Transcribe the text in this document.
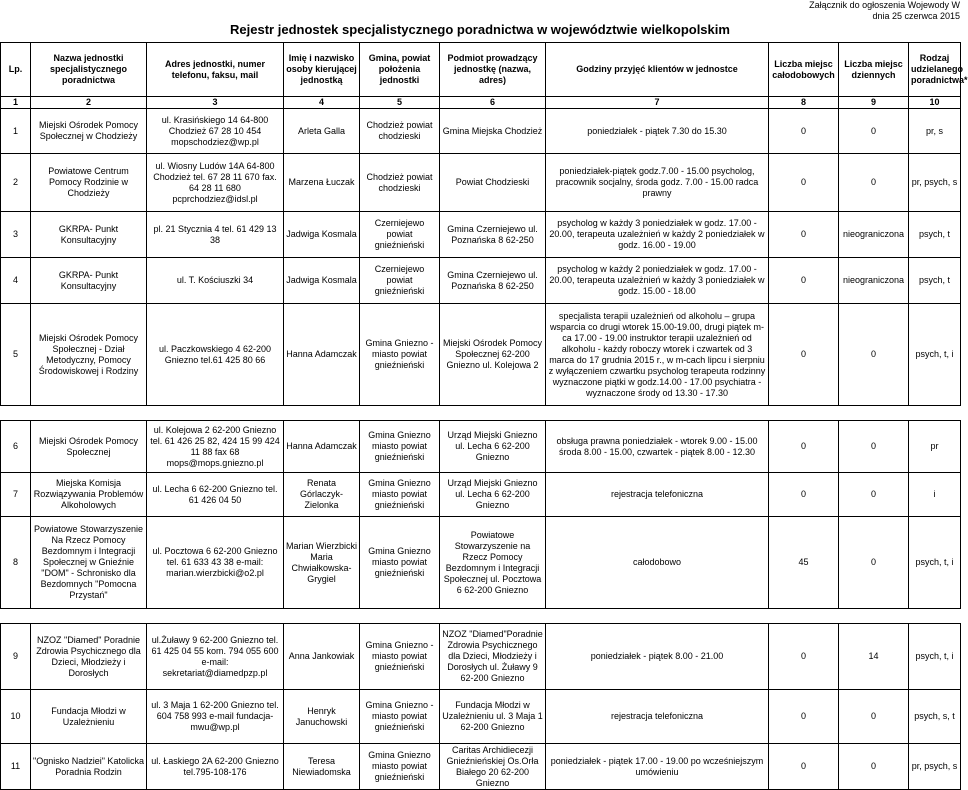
Załącznik do ogłoszenia Wojewody W
dnia 25 czerwca 2015
Rejestr jednostek specjalistycznego poradnictwa w województwie wielkopolskim
Lp.	Nazwa jednostki specjalistycznego poradnictwa	Adres jednostki, numer telefonu, faksu, mail	Imię i nazwisko osoby kierującej jednostką	Gmina, powiat położenia jednostki	Podmiot prowadzący jednostkę (nazwa, adres)	Godziny przyjęć klientów w jednostce	Liczba miejsc całodobowych	Liczba miejsc dziennych	Rodzaj udzielanego poradnictwa*
1	2	3	4	5	6	7	8	9	10
1	Miejski Ośrodek Pomocy Społecznej w Chodzieży	ul. Krasińskiego 14 64-800 Chodzież 67 28 10 454 mopschodziez@wp.pl	Arleta Galla	Chodzież powiat chodzieski	Gmina Miejska Chodzież	poniedziałek - piątek 7.30 do 15.30	0	0	pr, s
2	Powiatowe Centrum Pomocy Rodzinie w Chodzieży	ul. Wiosny Ludów 14A 64-800 Chodzież tel. 67 28 11 670 fax. 64 28 11 680 pcprchodziez@idsl.pl	Marzena Łuczak	Chodzież powiat chodzieski	Powiat Chodzieski	poniedziałek-piątek godz.7.00 - 15.00 psycholog, pracownik socjalny, środa godz. 7.00 - 15.00 radca prawny	0	0	pr, psych, s
3	GKRPA- Punkt Konsultacyjny	pl. 21 Stycznia 4 tel. 61 429 13 38	Jadwiga Kosmala	Czerniejewo powiat gnieźnieński	Gmina Czerniejewo ul. Poznańska 8 62-250	psycholog w każdy 3 poniedziałek w godz. 17.00 - 20.00, terapeuta uzależnień w każdy 2 poniedziałek w godz. 16.00 - 19.00	0	nieograniczona	psych, t
4	GKRPA- Punkt Konsultacyjny	ul. T. Kościuszki 34	Jadwiga Kosmala	Czerniejewo powiat gnieźnieński	Gmina Czerniejewo ul. Poznańska 8 62-250	psycholog w każdy 2 poniedziałek w godz. 17.00 - 20.00, terapeuta uzależnień w każdy 3 poniedziałek w godz. 15.00 - 18.00	0	nieograniczona	psych, t
5	Miejski Ośrodek Pomocy Społecznej - Dział Metodyczny, Pomocy Środowiskowej i Rodziny	ul. Paczkowskiego 4 62-200 Gniezno tel.61 425 80 66	Hanna Adamczak	Gmina Gniezno - miasto powiat gnieźnieński	Miejski Ośrodek Pomocy Społecznej 62-200 Gniezno ul. Kolejowa 2	specjalista terapii uzależnień od alkoholu – grupa wsparcia co drugi wtorek 15.00-19.00, drugi piątek m-ca 17.00 - 19.00 instruktor terapii uzależnień od alkoholu - każdy roboczy wtorek i czwartek od 3 marca do 17 grudnia 2015 r., w m-cach lipcu i sierpniu z wyłączeniem czwartku psycholog terapeuta rodzinny wyznaczone piątki w godz.14.00 - 17.00 psychiatra - wyznaczone środy od 13.30 - 17.30	0	0	psych, t, i

6	Miejski Ośrodek Pomocy Społecznej	ul. Kolejowa 2 62-200 Gniezno tel. 61 426 25 82, 424 15 99 424 11 88 fax 68 mops@mops.gniezno.pl	Hanna Adamczak	Gmina Gniezno miasto powiat gnieźnieński	Urząd Miejski Gniezno ul. Lecha 6 62-200 Gniezno	obsługa prawna poniedziałek - wtorek 9.00 - 15.00 środa 8.00 - 15.00, czwartek - piątek 8.00 - 12.30	0	0	pr
7	Miejska Komisja Rozwiązywania Problemów Alkoholowych	ul. Lecha 6 62-200 Gniezno tel. 61 426 04 50	Renata Górlaczyk-Zielonka	Gmina Gniezno miasto powiat gnieźnieński	Urząd Miejski Gniezno ul. Lecha 6 62-200 Gniezno	rejestracja telefoniczna	0	0	i
8	Powiatowe Stowarzyszenie Na Rzecz Pomocy Bezdomnym i Integracji Społecznej w Gnieźnie "DOM" - Schronisko dla Bezdomnych "Pomocna Przystań"	ul. Pocztowa 6 62-200 Gniezno tel. 61 633 43 38 e-mail: marian.wierzbicki@o2.pl	Marian Wierzbicki Maria Chwiałkowska-Grygiel	Gmina Gniezno miasto powiat gnieźnieński	Powiatowe Stowarzyszenie na Rzecz Pomocy Bezdomnym i Integracji Społecznej ul. Pocztowa 6 62-200 Gniezno	całodobowo	45	0	psych, t, i

9	NZOZ "Diamed" Poradnie Zdrowia Psychicznego dla Dzieci, Młodzieży i Dorosłych	ul.Żuławy 9 62-200 Gniezno tel. 61 425 04 55 kom. 794 055 600 e-mail: sekretariat@diamedpzp.pl	Anna Jankowiak	Gmina Gniezno - miasto powiat gnieźnieński	NZOZ "Diamed"Poradnie Zdrowia Psychicznego dla Dzieci, Młodzieży i Dorosłych ul. Żuławy 9 62-200 Gniezno	poniedziałek - piątek 8.00 - 21.00	0	14	psych, t, i
10	Fundacja Młodzi w Uzależnieniu	ul. 3 Maja 1 62-200 Gniezno tel. 604 758 993 e-mail fundacja-mwu@wp.pl	Henryk Januchowski	Gmina Gniezno - miasto powiat gnieźnieński	Fundacja Młodzi w Uzależnieniu ul. 3 Maja 1 62-200 Gniezno	rejestracja telefoniczna	0	0	psych, s, t
11	"Ognisko Nadziei" Katolicka Poradnia Rodzin	ul. Łaskiego 2A 62-200 Gniezno tel.795-108-176	Teresa Niewiadomska	Gmina Gniezno miasto powiat gnieźnieński	Caritas Archidiecezji Gnieźnieńskiej Os.Orła Białego 20 62-200 Gniezno	poniedziałek - piątek 17.00 - 19.00 po wcześniejszym umówieniu	0	0	pr, psych, s
